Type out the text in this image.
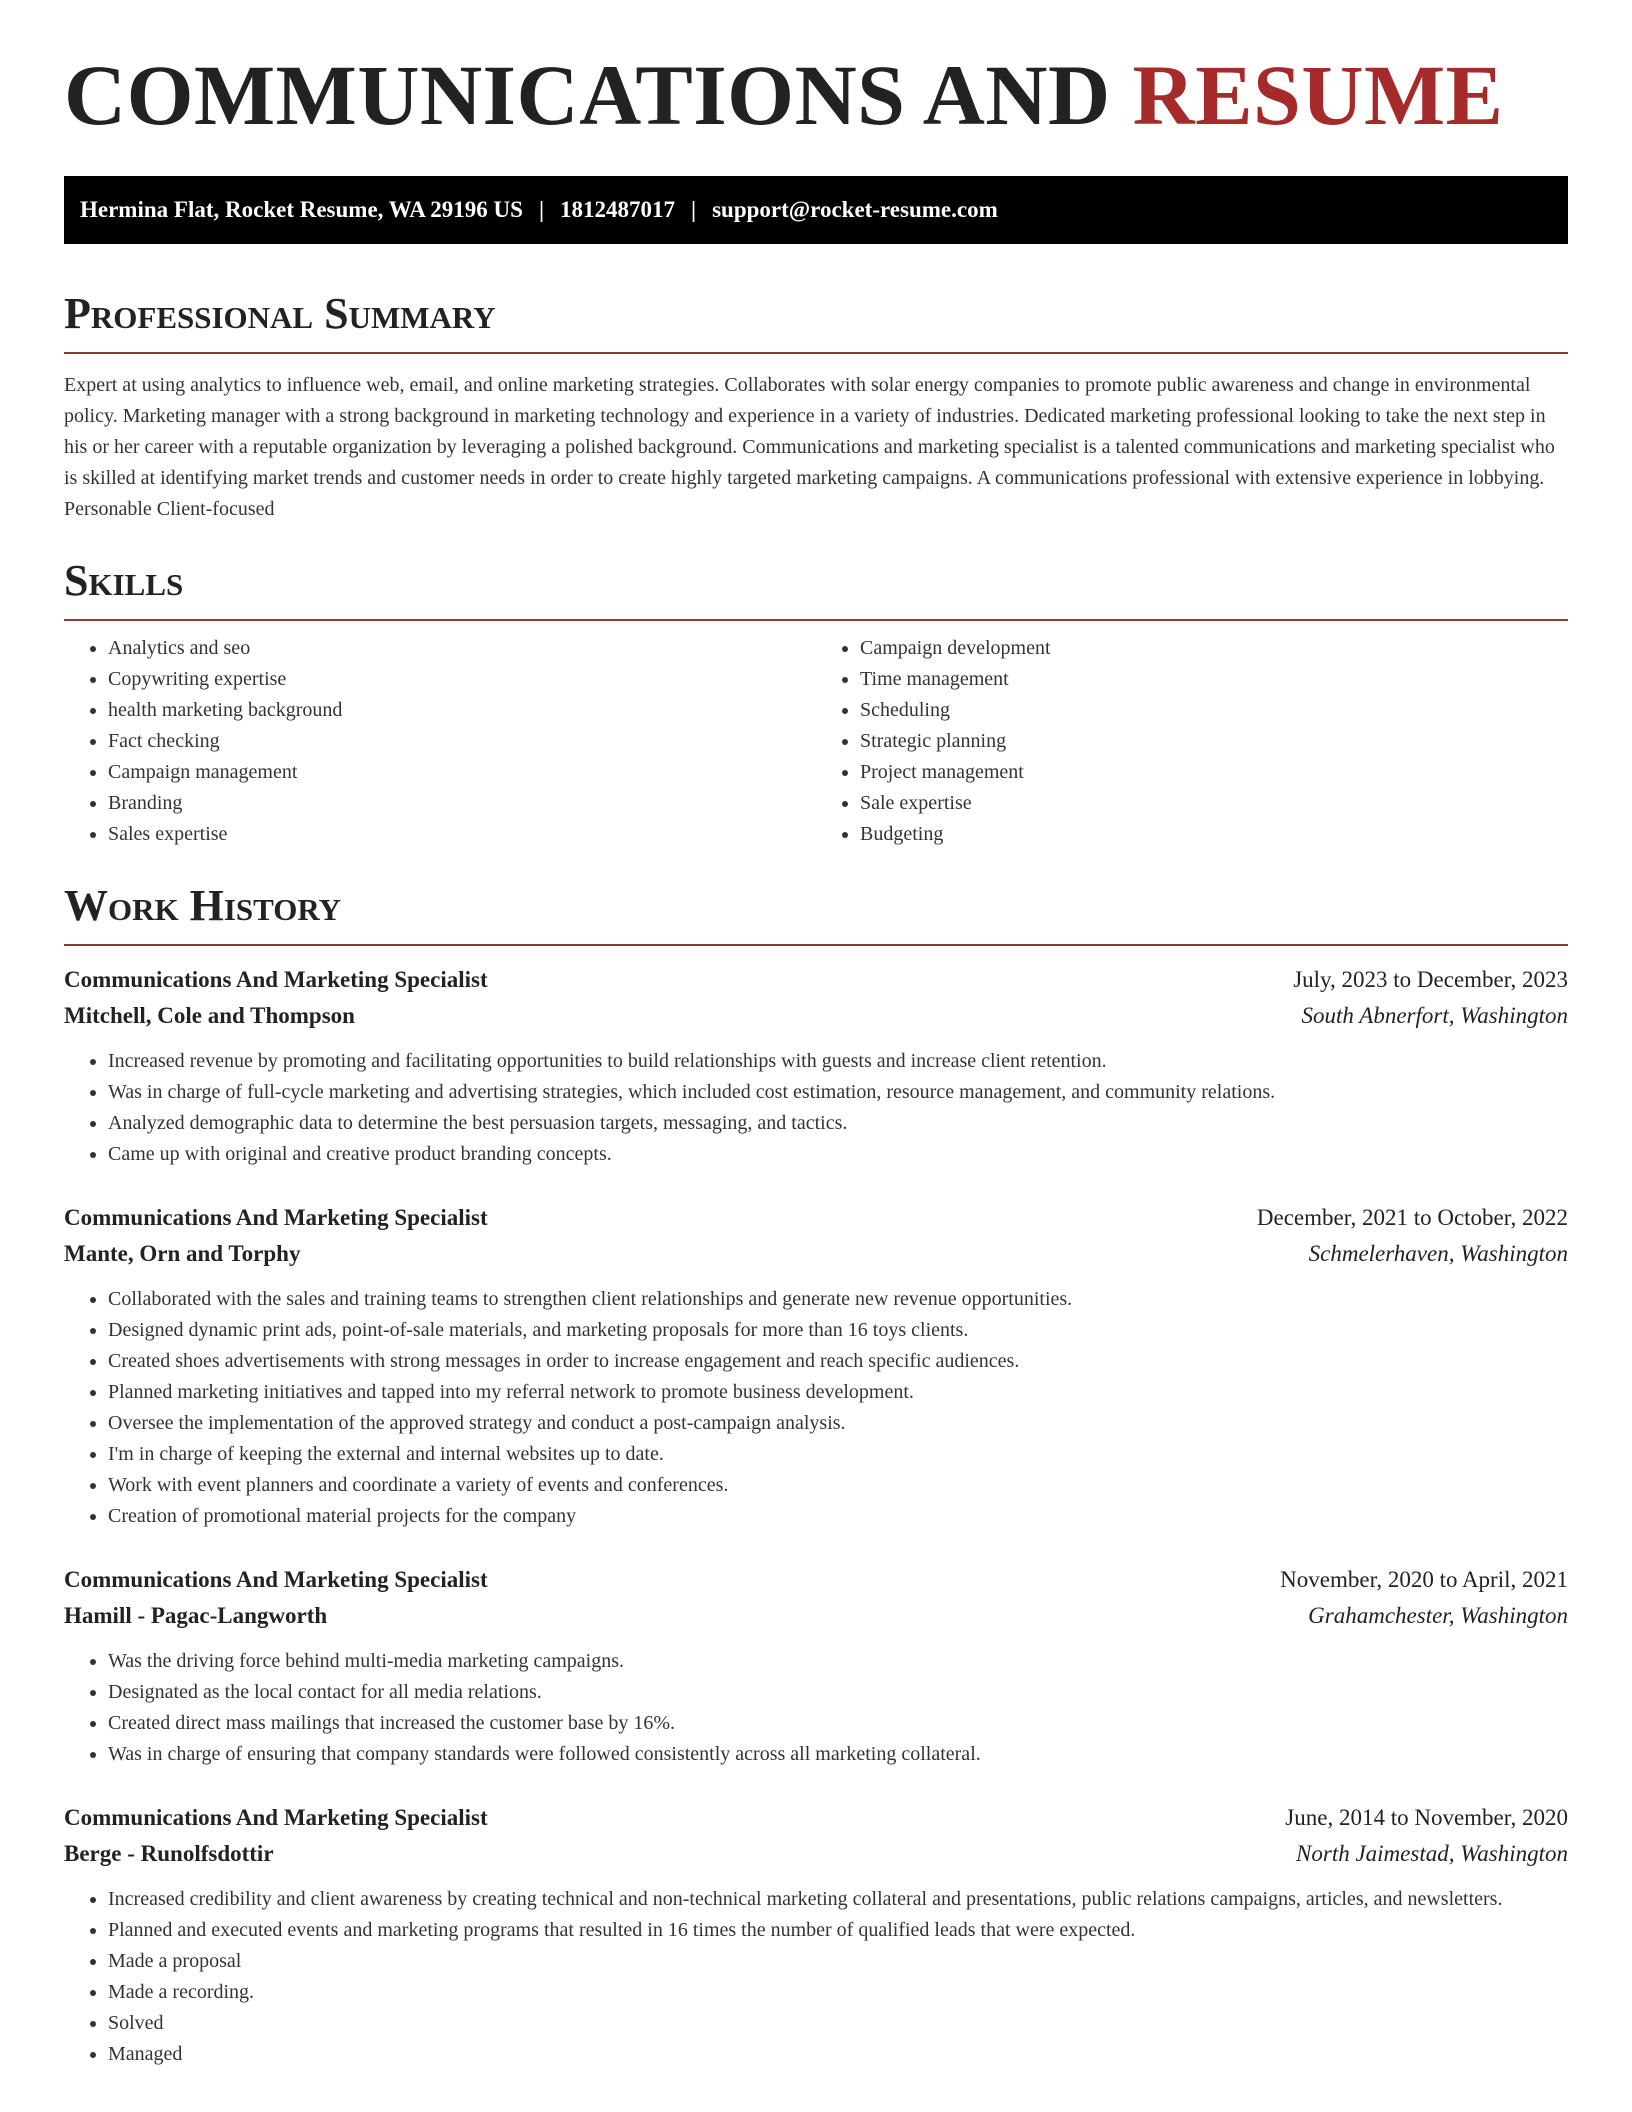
COMMUNICATIONS AND RESUME
Hermina Flat, Rocket Resume, WA 29196 US | 1812487017 | support@rocket-resume.com
Professional Summary

Expert at using analytics to influence web, email, and online marketing strategies. Collaborates with solar energy companies to promote public awareness and change in environmental policy. Marketing manager with a strong background in marketing technology and experience in a variety of industries. Dedicated marketing professional looking to take the next step in his or her career with a reputable organization by leveraging a polished background. Communications and marketing specialist is a talented communications and marketing specialist who is skilled at identifying market trends and customer needs in order to create highly targeted marketing campaigns. A communications professional with extensive experience in lobbying. Personable Client-focused

Skills
• Analytics and seo
• Copywriting expertise
• health marketing background
• Fact checking
• Campaign management
• Branding
• Sales expertise
• Campaign development
• Time management
• Scheduling
• Strategic planning
• Project management
• Sale expertise
• Budgeting
Work History
Communications And Marketing Specialist	July, 2023 to December, 2023
Mitchell, Cole and Thompson	South Abnerfort, Washington
• Increased revenue by promoting and facilitating opportunities to build relationships with guests and increase client retention.
• Was in charge of full-cycle marketing and advertising strategies, which included cost estimation, resource management, and community relations.
• Analyzed demographic data to determine the best persuasion targets, messaging, and tactics.
• Came up with original and creative product branding concepts.
Communications And Marketing Specialist	December, 2021 to October, 2022
Mante, Orn and Torphy	Schmelerhaven, Washington
• Collaborated with the sales and training teams to strengthen client relationships and generate new revenue opportunities.
• Designed dynamic print ads, point-of-sale materials, and marketing proposals for more than 16 toys clients.
• Created shoes advertisements with strong messages in order to increase engagement and reach specific audiences.
• Planned marketing initiatives and tapped into my referral network to promote business development.
• Oversee the implementation of the approved strategy and conduct a post-campaign analysis.
• I'm in charge of keeping the external and internal websites up to date.
• Work with event planners and coordinate a variety of events and conferences.
• Creation of promotional material projects for the company
Communications And Marketing Specialist	November, 2020 to April, 2021
Hamill - Pagac-Langworth	Grahamchester, Washington
• Was the driving force behind multi-media marketing campaigns.
• Designated as the local contact for all media relations.
• Created direct mass mailings that increased the customer base by 16%.
• Was in charge of ensuring that company standards were followed consistently across all marketing collateral.
Communications And Marketing Specialist	June, 2014 to November, 2020
Berge - Runolfsdottir	North Jaimestad, Washington
• Increased credibility and client awareness by creating technical and non-technical marketing collateral and presentations, public relations campaigns, articles, and newsletters.
• Planned and executed events and marketing programs that resulted in 16 times the number of qualified leads that were expected.
• Made a proposal
• Made a recording.
• Solved
• Managed
